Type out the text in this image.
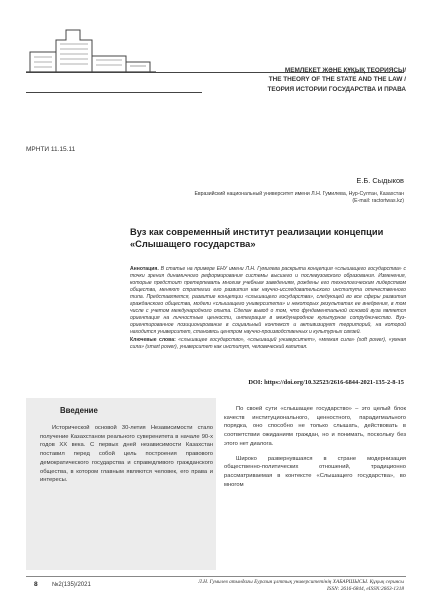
МЕМЛЕКЕТ ЖӘНЕ ҚҰҚЫҚ ТЕОРИЯСЫ/
THE THEORY OF THE STATE AND THE LAW /
ТЕОРИЯ ИСТОРИИ ГОСУДАРСТВА И ПРАВА
МРНТИ 11.15.11
Е.Б. Сыдыков
Евразийский национальный университет имени Л.Н. Гумилева, Нур-Султан, Казахстан
(E-mail: ractortwas.kz)
Вуз как современный институт реализации концепции
«Слышащего государства»

Аннотация. В статье на примере ЕНУ имени Л.Н. Гумилева раскрыта концепция «слышащего государства» с точки зрения динамичного реформирования системы высшего и послевузовского образования. Изменения, которые предстоит претерпевать многим учебным заведениям, рождены его технологическим лидерством общества, меняют стратегии его развития как научно-исследовательского института отечественного типа. Представляется, развитие концепции «слышащего государства», следующей во все сферы развития гражданского общества, модели «слышащего университета» и некоторых результатах ее внедрения, в том числе с учетом международного опыта. Сделан вывод о том, что фундаментальной основой вуза является ориентация на личностные ценности, интеграция в международное культурное сотрудничество. Вуз-ориентированное позиционирование в социальный контекст и активизирует территорий, на которой находится университет, становясь центром научно-производственных и культурных связей.

Ключевые слова: «слышащее государство», «слышащий университет», «мягкая сила» (soft power), «умная сила» (smart power), университет как институт, человеческий капитал.

DOI: https://doi.org/10.32523/2616-6844-2021-135-2-8-15
Введение

Исторической основой 30-летия Независимости стало получение Казахстаном реального суверенитета в начале 90-х годов ХХ века. С первых дней независимости Казахстан поставил перед собой цель построения правового демократического государства и справедливого гражданского общества, в котором главным являются человек, его права и интересы.

По своей сути «слышащее государство» – это целый блок качеств институционального, ценностного, парадигмального порядка, оно способно не только слышать, действовать в соответствии ожиданиям граждан, но и понимать, поскольку без этого нет диалога.

Широко развернувшаяся в стране модернизация общественно-политических отношений, традиционно рассматриваемая в контексте «Слышащего государства», во многом

8 №2(135)/2021	Л.Н. Гумилев атындағы Еуразия ұлттық университетінің ХАБАРШЫСЫ. Құқық сериясы
ISSN: 2616-6844, eISSN:2663-1318
